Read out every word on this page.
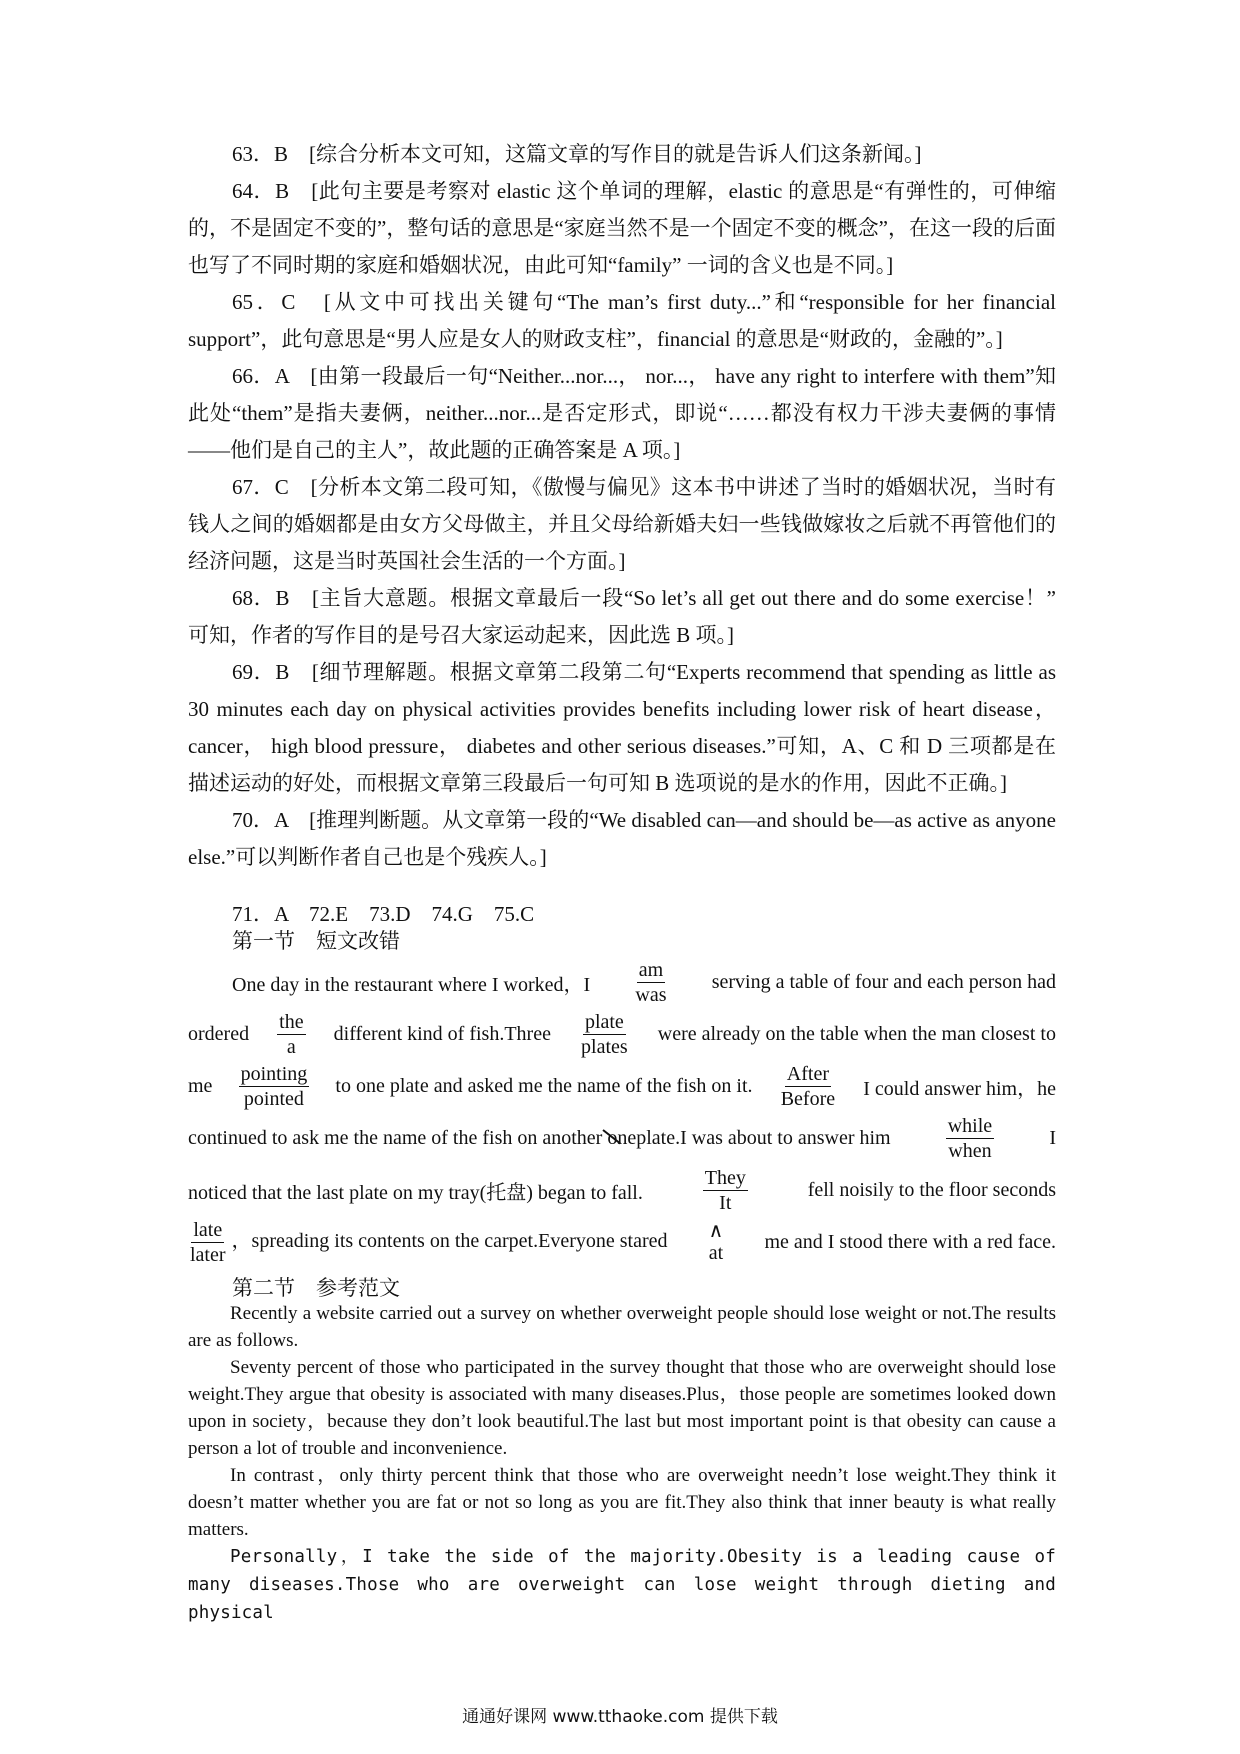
63．B　[综合分析本文可知，这篇文章的写作目的就是告诉人们这条新闻。]

64．B　[此句主要是考察对 elastic 这个单词的理解，elastic 的意思是“有弹性的，可伸缩的，不是固定不变的”，整句话的意思是“家庭当然不是一个固定不变的概念”，在这一段的后面也写了不同时期的家庭和婚姻状况，由此可知“family” 一词的含义也是不同。]

65．C　[从文中可找出关键句“The man’s first duty...”和“responsible for her financial support”，此句意思是“男人应是女人的财政支柱”，financial 的意思是“财政的，金融的”。]

66．A　[由第一段最后一句“Neither...nor...， nor...， have any right to interfere with them”知此处“them”是指夫妻俩，neither...nor...是否定形式，即说“……都没有权力干涉夫妻俩的事情——他们是自己的主人”，故此题的正确答案是 A 项。]

67．C　[分析本文第二段可知，《傲慢与偏见》这本书中讲述了当时的婚姻状况，当时有钱人之间的婚姻都是由女方父母做主，并且父母给新婚夫妇一些钱做嫁妆之后就不再管他们的经济问题，这是当时英国社会生活的一个方面。]

68．B　[主旨大意题。根据文章最后一段“So let’s all get out there and do some exercise！” 可知，作者的写作目的是号召大家运动起来，因此选 B 项。]

69．B　[细节理解题。根据文章第二段第二句“Experts recommend that spending as little as 30 minutes each day on physical activities provides benefits including lower risk of heart disease， cancer， high blood pressure， diabetes and other serious diseases.”可知，A、C 和 D 三项都是在描述运动的好处，而根据文章第三段最后一句可知 B 选项说的是水的作用，因此不正确。]

70．A　[推理判断题。从文章第一段的“We disabled can—and should be—as active as anyone else.”可以判断作者自己也是个残疾人。]

71．A　72.E　73.D　74.G　75.C
第一节　短文改错
One day in the restaurant where I worked，I $\frac{am}{\text{was}}$ serving a table of four and each person had
ordered $\frac{\text{the}}{a}$ different kind of fish.Three $\frac{\text{plate}}{\text{plates}}$ were already on the table when the man closest to
me $\frac{\text{pointing}}{\text{pointed}}$ to one plate and asked me the name of the fish on it. $\frac{\text{After}}{\text{Before}}$ I could answer him，he
continued to ask me the name of the fish on another one
plate.I was about to answer him	$\frac{\text{while}}{\text{when}}$	I
noticed that the last plate on my tray(托盘) began to fall.	$\frac{\text{They}}{It}$	fell noisily to the floor seconds
$\frac{\text{late}}{\text{later}}$ ，spreading its contents on the carpet.Everyone stared ∧
at
me and I stood there with a red face.
第二节　参考范文

Recently a website carried out a survey on whether overweight people should lose weight or not.The results are as follows.

Seventy percent of those who participated in the survey thought that those who are overweight should lose weight.They argue that obesity is associated with many diseases.Plus，those people are sometimes looked down upon in society，because they don’t look beautiful.The last but most important point is that obesity can cause a person a lot of trouble and inconvenience.

In contrast，only thirty percent think that those who are overweight needn’t lose weight.They think it doesn’t matter whether you are fat or not so long as you are fit.They also think that inner beauty is what really matters.

Personally，I take the side of the majority.Obesity is a leading cause of many diseases.Those who are overweight can lose weight through dieting and physical

通通好课网 www.tthaoke.com 提供下载
